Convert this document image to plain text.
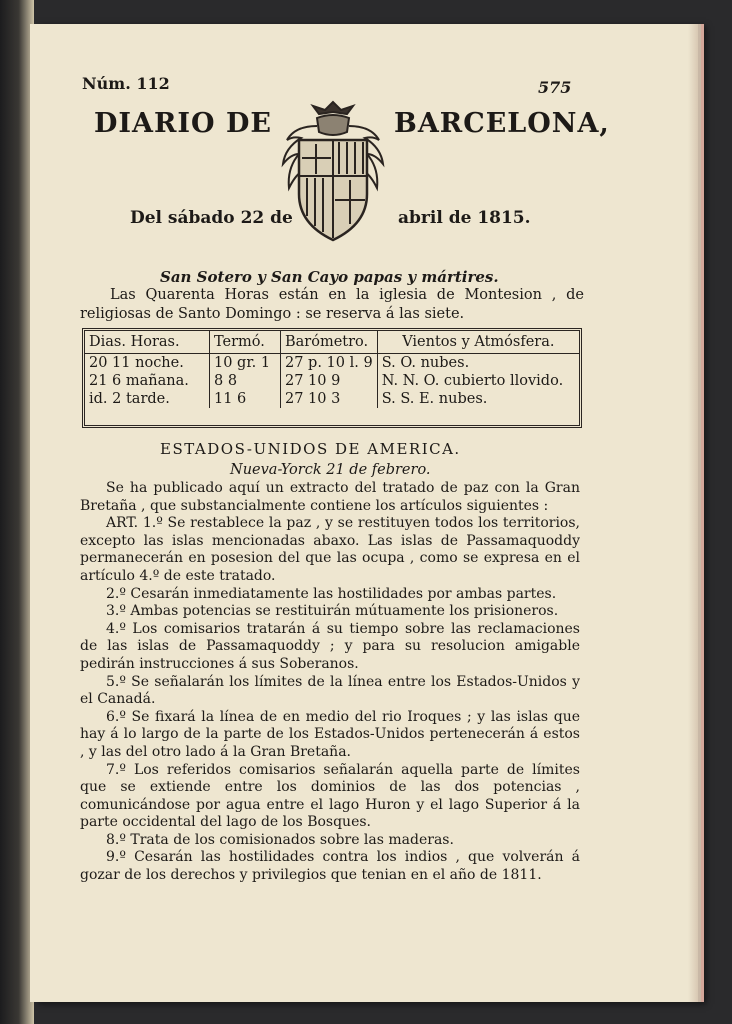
Núm. 112	575
DIARIO DE	BARCELONA,
Del sábado 22 de	abril de 1815.
San Sotero y San Cayo papas y mártires.
Las Quarenta Horas están en la iglesia de Montesion , de religiosas de Santo Domingo : se reserva á las siete.
Dias. Horas.	Termó.	Barómetro.	Vientos y Atmósfera.
20 11 noche.	10 gr. 1	27 p. 10 l. 9	S. O. nubes.
21 6 mañana.	8 8	27 10 9	N. N. O. cubierto llovido.
id. 2 tarde.	11 6	27 10 3	S. S. E. nubes.
ESTADOS-UNIDOS DE AMERICA.
Nueva-Yorck 21 de febrero.

Se ha publicado aquí un extracto del tratado de paz con la Gran Bretaña , que substancialmente contiene los artículos siguientes :

ART. 1.º Se restablece la paz , y se restituyen todos los territorios, excepto las islas mencionadas abaxo. Las islas de Passamaquoddy permanecerán en posesion del que las ocupa , como se expresa en el artículo 4.º de este tratado.

2.º Cesarán inmediatamente las hostilidades por ambas partes.

3.º Ambas potencias se restituirán mútuamente los prisioneros.

4.º Los comisarios tratarán á su tiempo sobre las reclamaciones de las islas de Passamaquoddy ; y para su resolucion amigable pedirán instrucciones á sus Soberanos.

5.º Se señalarán los límites de la línea entre los Estados-Unidos y el Canadá.

6.º Se fixará la línea de en medio del rio Iroques ; y las islas que hay á lo largo de la parte de los Estados-Unidos pertenecerán á estos , y las del otro lado á la Gran Bretaña.

7.º Los referidos comisarios señalarán aquella parte de límites que se extiende entre los dominios de las dos potencias , comunicándose por agua entre el lago Huron y el lago Superior á la parte occidental del lago de los Bosques.

8.º Trata de los comisionados sobre las maderas.

9.º Cesarán las hostilidades contra los indios , que volverán á gozar de los derechos y privilegios que tenian en el año de 1811.
